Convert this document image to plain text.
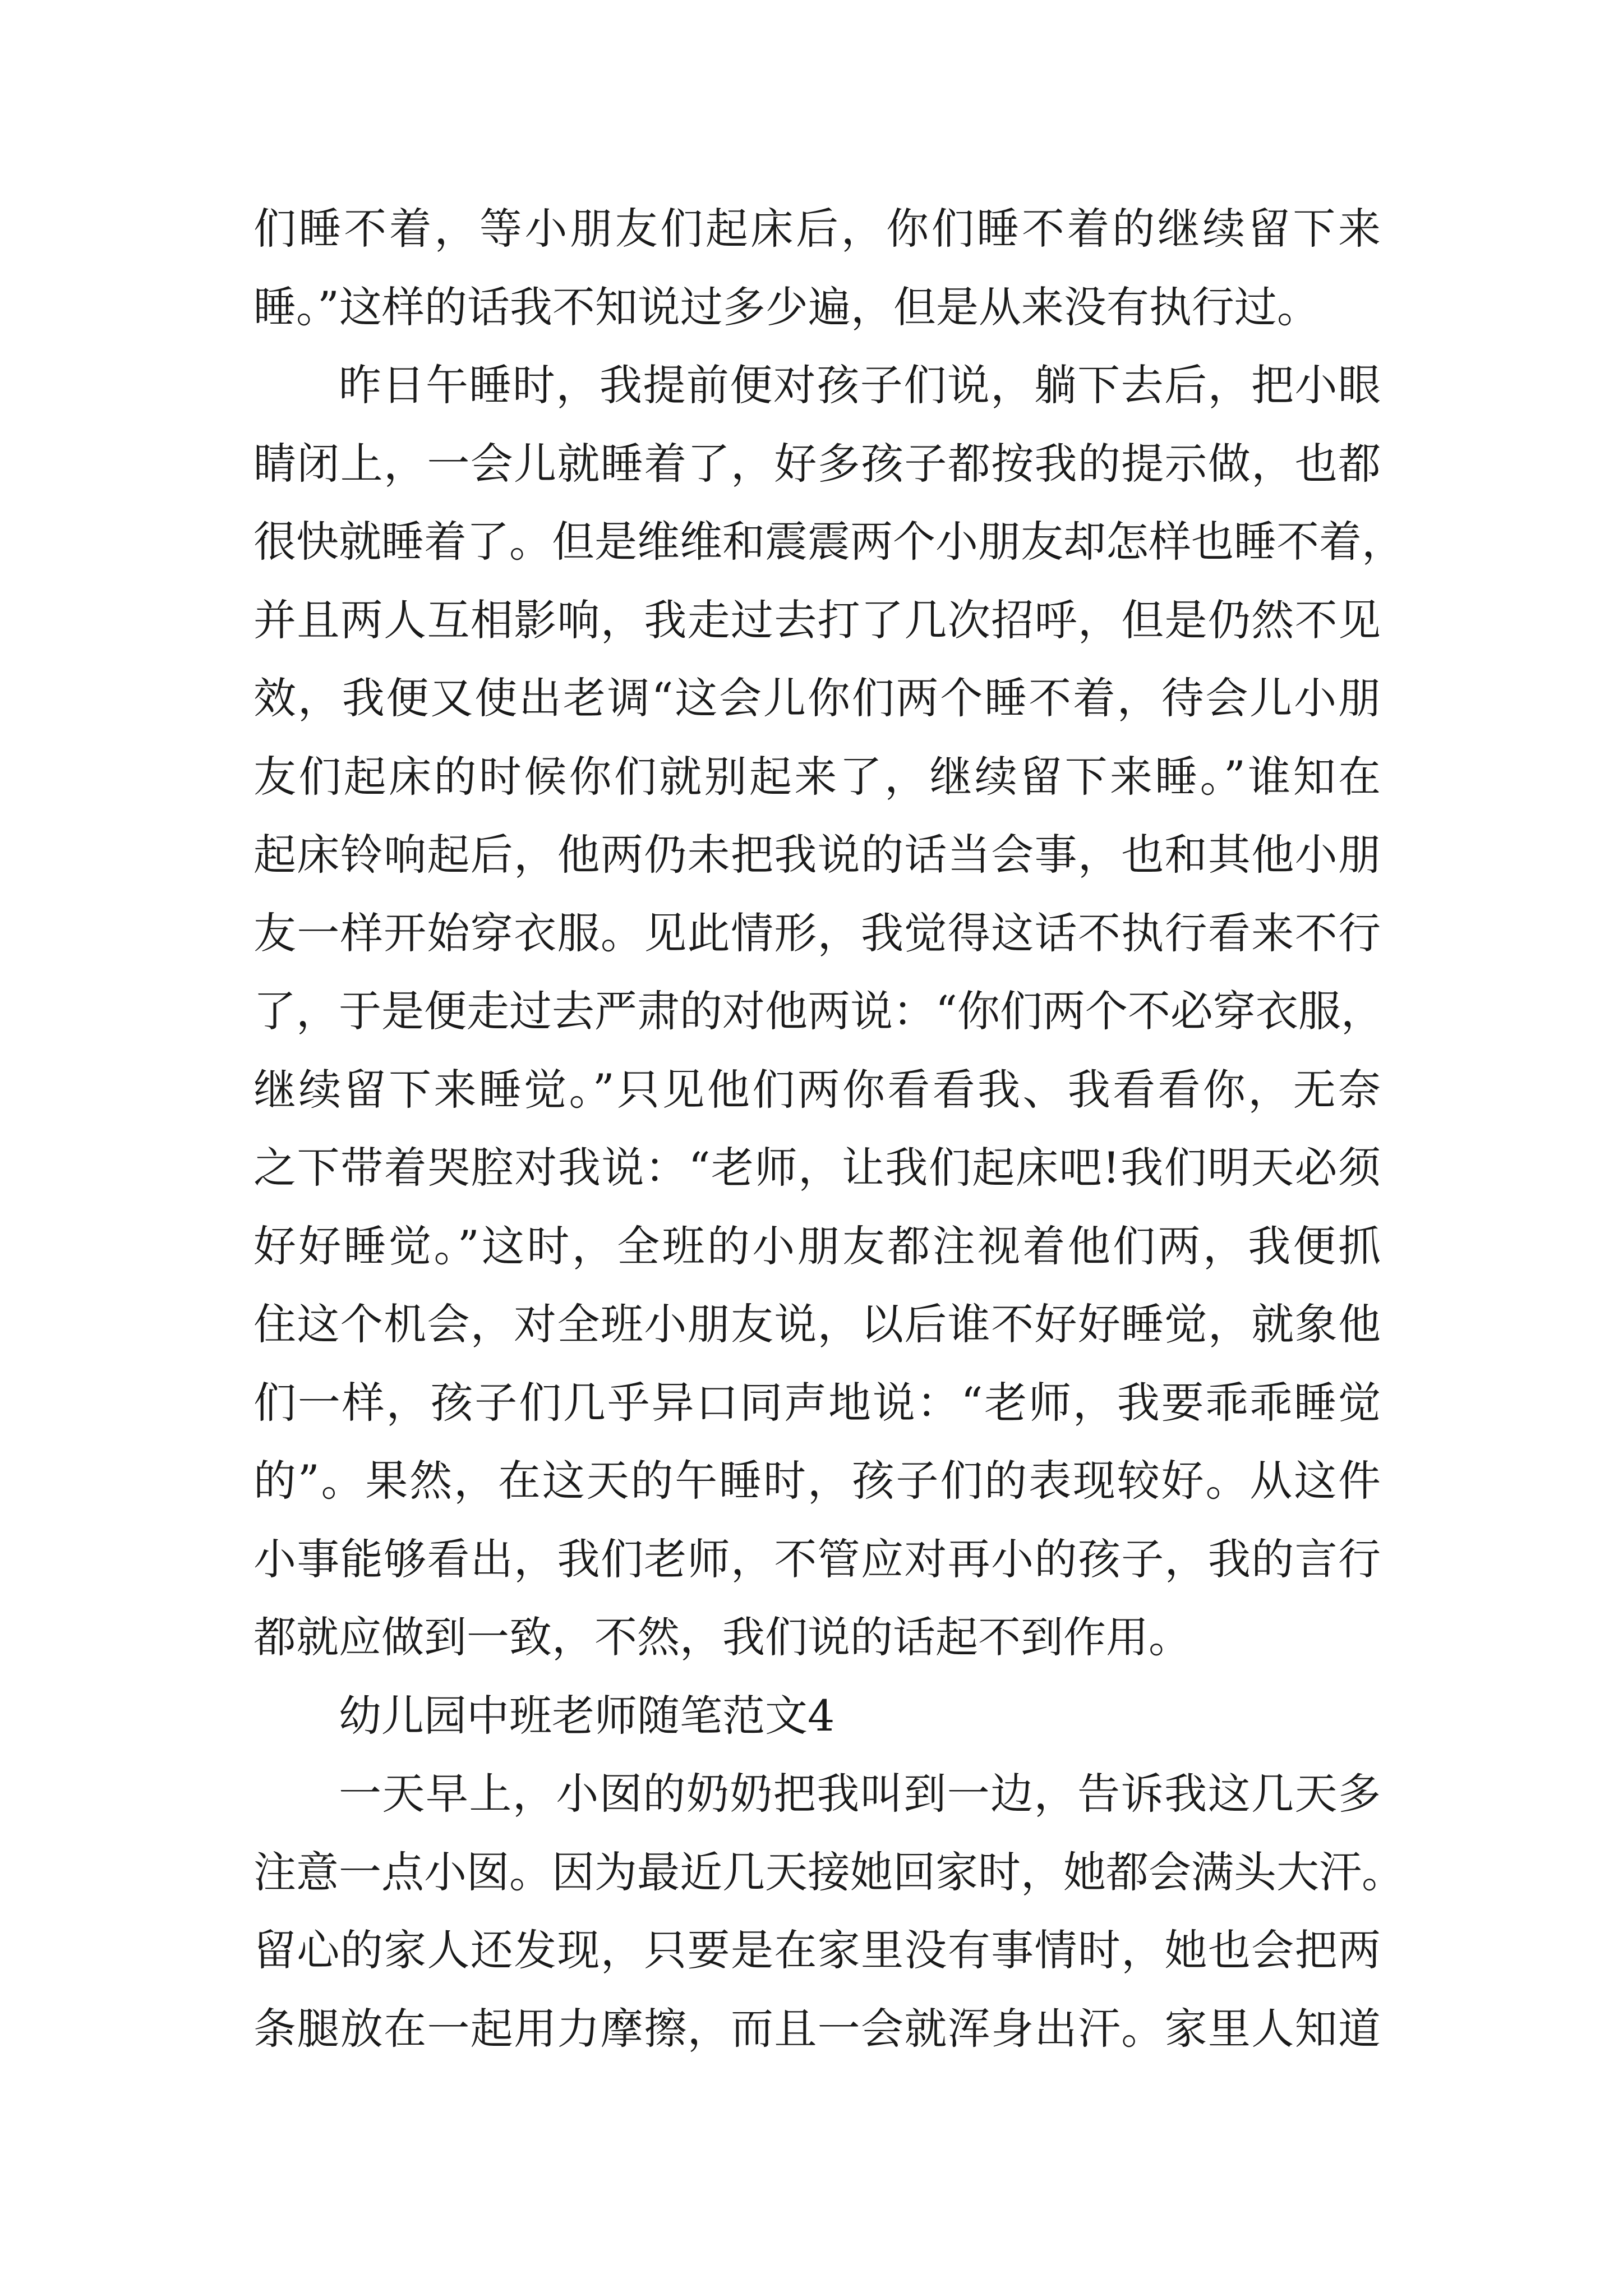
们睡不着，等小朋友们起床后，你们睡不着的继续留下来
睡。”这样的话我不知说过多少遍，但是从来没有执行过。
昨日午睡时，我提前便对孩子们说，躺下去后，把小眼
睛闭上，一会儿就睡着了，好多孩子都按我的提示做，也都
很快就睡着了。但是维维和震震两个小朋友却怎样也睡不着，
并且两人互相影响，我走过去打了几次招呼，但是仍然不见
效，我便又使出老调“这会儿你们两个睡不着，待会儿小朋
友们起床的时候你们就别起来了，继续留下来睡。”谁知在
起床铃响起后，他两仍未把我说的话当会事，也和其他小朋
友一样开始穿衣服。见此情形，我觉得这话不执行看来不行
了，于是便走过去严肃的对他两说：“你们两个不必穿衣服，
继续留下来睡觉。”只见他们两你看看我、我看看你，无奈
之下带着哭腔对我说：“老师，让我们起床吧!我们明天必须
好好睡觉。”这时，全班的小朋友都注视着他们两，我便抓
住这个机会，对全班小朋友说，以后谁不好好睡觉，就象他
们一样，孩子们几乎异口同声地说：“老师，我要乖乖睡觉
的”。果然，在这天的午睡时，孩子们的表现较好。从这件
小事能够看出，我们老师，不管应对再小的孩子，我的言行
都就应做到一致，不然，我们说的话起不到作用。
幼儿园中班老师随笔范文4
一天早上，小囡的奶奶把我叫到一边，告诉我这几天多
注意一点小囡。因为最近几天接她回家时，她都会满头大汗。
留心的家人还发现，只要是在家里没有事情时，她也会把两
条腿放在一起用力摩擦，而且一会就浑身出汗。家里人知道
